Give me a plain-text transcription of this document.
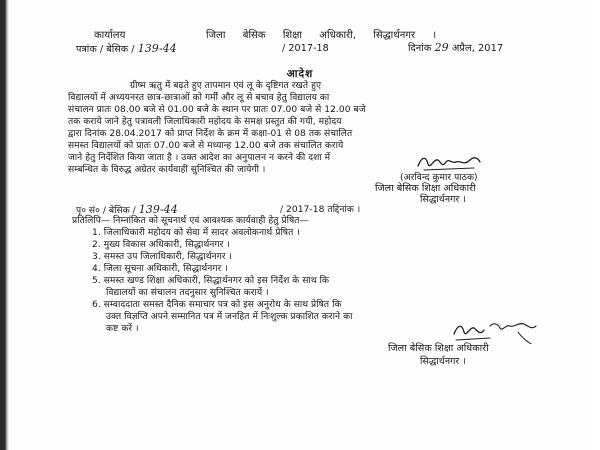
कार्यालय	जिला बेसिक शिक्षा अधिकारी, सिद्धार्थनगर ।
पत्रांक / बेसिक / 139-44	/ 2017-18	दिनांक 29 अप्रैल, 2017
आदेश
ग्रीष्म ऋतु में बढ़ते हुए तापमान एवं लू के दृष्टिगत रखते हुए
विद्यालयों में अध्ययनरत छात्र-छात्राओं को गर्मी और लू से बचाव हेतु विद्यालय का
संचालन प्रातः 08.00 बजे से 01.00 बजे के स्थान पर प्रातः 07.00 बजे से 12.00 बजे
तक कराये जाने हेतु पत्रावली जिलाधिकारी महोदय के समक्ष प्रस्तुत की गयी, महोदय
द्वारा दिनांक 28.04.2017 को प्राप्त निर्देश के क्रम में कक्षा-01 से 08 तक संचालित
समस्त विद्यालयों को प्रातः 07.00 बजे से मध्यान्ह 12.00 बजे तक संचालित कराये
जाने हेतु निर्देशित किया जाता है । उक्त आदेश का अनुपालन न करने की दशा में
सम्बन्धित के विरुद्ध अग्रेतर कार्यवाही सुनिश्चित की जायेगी ।
(अरविन्द कुमार पाठक)
जिला बेसिक शिक्षा अधिकारी
सिद्धार्थनगर ।
पृ० सं० / बेसिक / 139-44	/ 2017-18 तद्दिनांक ।
प्रतिलिपि— निम्नांकित को सूचनार्थ एवं आवश्यक कार्यवाही हेतु प्रेषित—
1. जिलाधिकारी महोदय को सेवा में सादर अवलोकनार्थ प्रेषित ।
2. मुख्य विकास अधिकारी, सिद्धार्थनगर ।
3. समस्त उप जिलाधिकारी, सिद्धार्थनगर ।
4. जिला सूचना अधिकारी, सिद्धार्थनगर ।
5. समस्त खण्ड शिक्षा अधिकारी, सिद्धार्थनगर को इस निर्देश के साथ कि
विद्यालयों का संचालन तदनुसार सुनिश्चित करायें ।
6. सम्वाददाता समस्त दैनिक समाचार पत्र को इस अनुरोध के साथ प्रेषित कि
उक्त विज्ञप्ति अपने सम्मानित पत्र में जनहित में निःशुल्क प्रकाशित कराने का
कष्ट करें ।
जिला बेसिक शिक्षा अधिकारी
सिद्धार्थनगर ।
